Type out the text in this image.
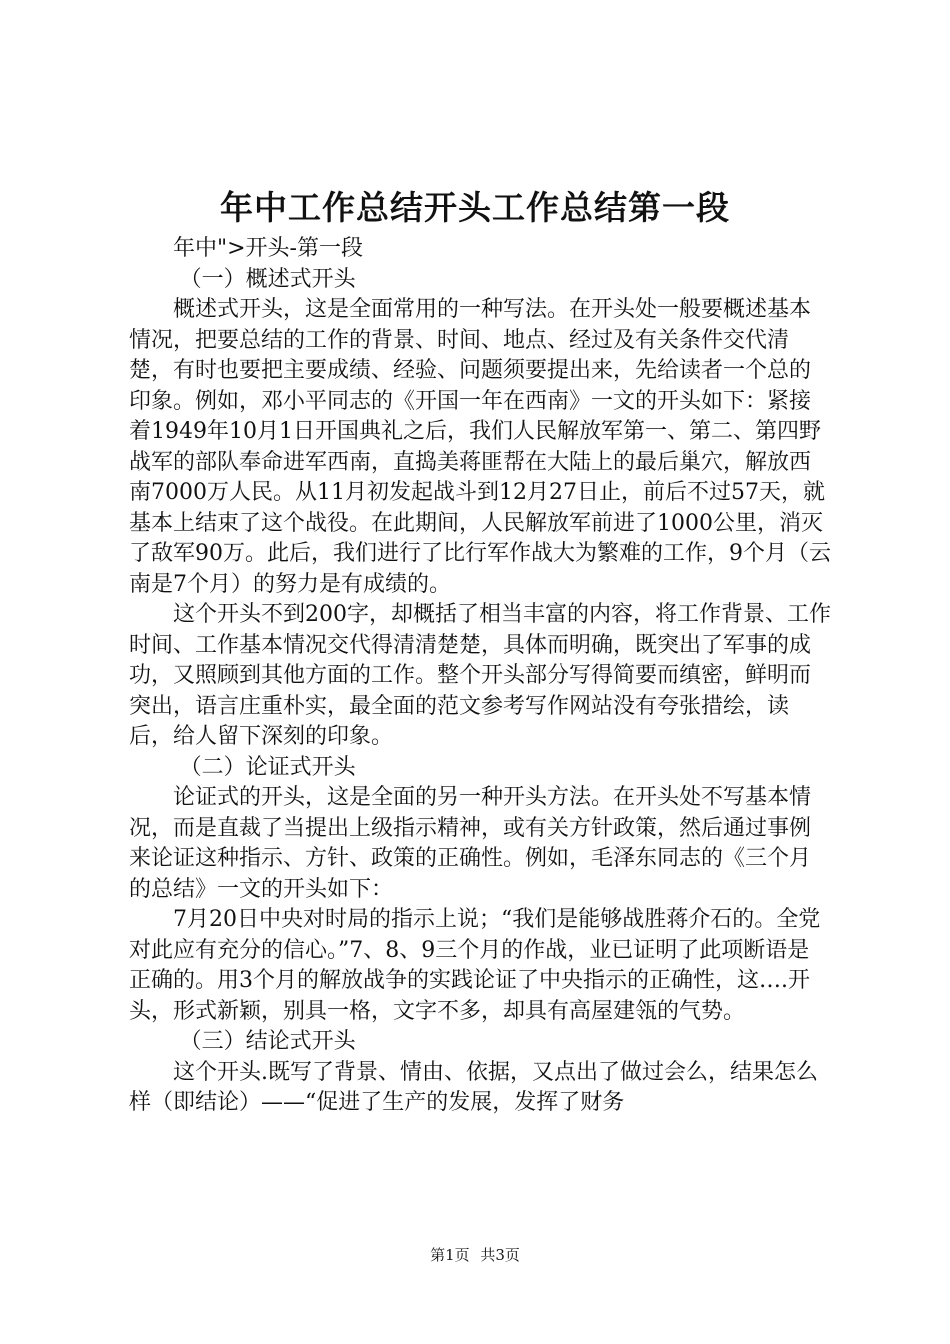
年中工作总结开头工作总结第一段

年中">开头-第一段

（一）概述式开头

概述式开头，这是全面常用的一种写法。在开头处一般要概述基本情况，把要总结的工作的背景、时间、地点、经过及有关条件交代清楚，有时也要把主要成绩、经验、问题须要提出来，先给读者一个总的印象。例如，邓小平同志的《开国一年在西南》一文的开头如下：紧接着1949年10月1日开国典礼之后，我们人民解放军第一、第二、第四野战军的部队奉命进军西南，直捣美蒋匪帮在大陆上的最后巢穴，解放西南7000万人民。从11月初发起战斗到12月27日止，前后不过57天，就基本上结束了这个战役。在此期间，人民解放军前进了1000公里，消灭了敌军90万。此后，我们进行了比行军作战大为繁难的工作，9个月（云南是7个月）的努力是有成绩的。

这个开头不到200字，却概括了相当丰富的内容，将工作背景、工作时间、工作基本情况交代得清清楚楚，具体而明确，既突出了军事的成功，又照顾到其他方面的工作。整个开头部分写得简要而缜密，鲜明而突出，语言庄重朴实，最全面的范文参考写作网站没有夸张措绘，读后，给人留下深刻的印象。

（二）论证式开头

论证式的开头，这是全面的另一种开头方法。在开头处不写基本情况，而是直裁了当提出上级指示精神，或有关方针政策，然后通过事例来论证这种指示、方针、政策的正确性。例如，毛泽东同志的《三个月的总结》一文的开头如下：

7月20日中央对时局的指示上说；“我们是能够战胜蒋介石的。全党对此应有充分的信心。”7、8、9三个月的作战，业已证明了此项断语是正确的。用3个月的解放战争的实践论证了中央指示的正确性，这….开头，形式新颖，别具一格，文字不多，却具有高屋建瓴的气势。

（三）结论式开头

这个开头.既写了背景、情由、依据，又点出了做过会么，结果怎么样（即结论）——“促进了生产的发展，发挥了财务

第1页 共3页
